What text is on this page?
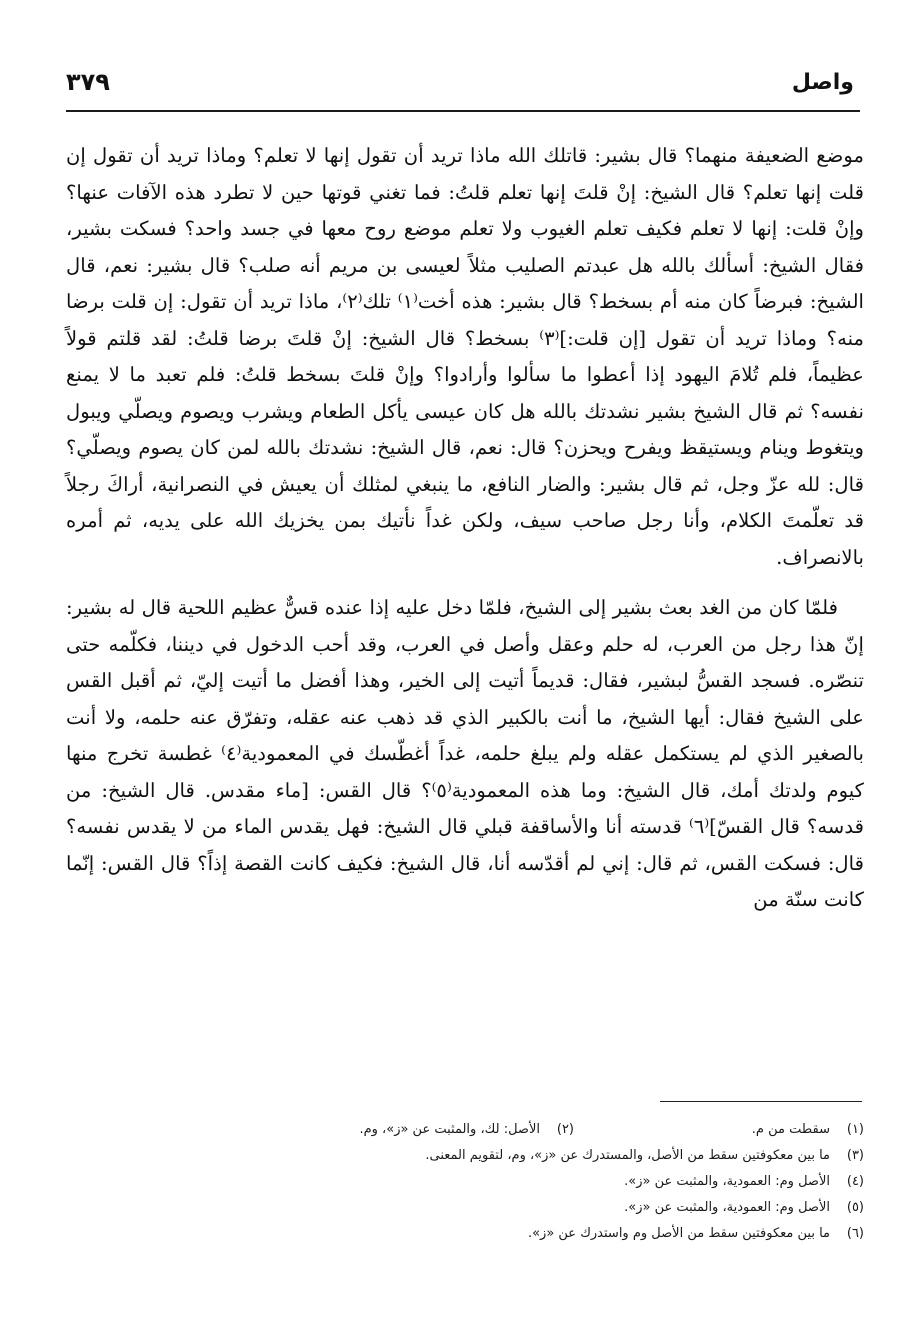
واصل
٣٧٩

موضع الضعيفة منهما؟ قال بشير: قاتلك الله ماذا تريد أن تقول إنها لا تعلم؟ وماذا تريد أن تقول إن قلت إنها تعلم؟ قال الشيخ: إنْ قلتَ إنها تعلم قلتُ: فما تغني قوتها حين لا تطرد هذه الآفات عنها؟ وإنْ قلت: إنها لا تعلم فكيف تعلم الغيوب ولا تعلم موضع روح معها في جسد واحد؟ فسكت بشير، فقال الشيخ: أسألك بالله هل عبدتم الصليب مثلاً لعيسى بن مريم أنه صلب؟ قال بشير: نعم، قال الشيخ: فبرضاً كان منه أم بسخط؟ قال بشير: هذه أخت⁽١⁾ تلك⁽٢⁾، ماذا تريد أن تقول: إن قلت برضا منه؟ وماذا تريد أن تقول [إن قلت:]⁽٣⁾ بسخط؟ قال الشيخ: إنْ قلتَ برضا قلتُ: لقد قلتم قولاً عظيماً، فلم تُلامَ اليهود إذا أعطوا ما سألوا وأرادوا؟ وإنْ قلتَ بسخط قلتُ: فلم تعبد ما لا يمنع نفسه؟ ثم قال الشيخ بشير نشدتك بالله هل كان عيسى يأكل الطعام ويشرب ويصوم ويصلّي ويبول ويتغوط وينام ويستيقظ ويفرح ويحزن؟ قال: نعم، قال الشيخ: نشدتك بالله لمن كان يصوم ويصلّي؟ قال: لله عزّ وجل، ثم قال بشير: والضار النافع، ما ينبغي لمثلك أن يعيش في النصرانية، أراكَ رجلاً قد تعلّمتَ الكلام، وأنا رجل صاحب سيف، ولكن غداً نأتيك بمن يخزيك الله على يديه، ثم أمره بالانصراف.

فلمّا كان من الغد بعث بشير إلى الشيخ، فلمّا دخل عليه إذا عنده قسٌّ عظيم اللحية قال له بشير: إنّ هذا رجل من العرب، له حلم وعقل وأصل في العرب، وقد أحب الدخول في ديننا، فكلّمه حتى تنصّره. فسجد القسُّ لبشير، فقال: قديماً أتيت إلى الخير، وهذا أفضل ما أتيت إليّ، ثم أقبل القس على الشيخ فقال: أيها الشيخ، ما أنت بالكبير الذي قد ذهب عنه عقله، وتفرّق عنه حلمه، ولا أنت بالصغير الذي لم يستكمل عقله ولم يبلغ حلمه، غداً أغطّسك في المعمودية⁽٤⁾ غطسة تخرج منها كيوم ولدتك أمك، قال الشيخ: وما هذه المعمودية⁽٥⁾؟ قال القس: [ماء مقدس. قال الشيخ: من قدسه؟ قال القسّ]⁽٦⁾ قدسته أنا والأساقفة قبلي قال الشيخ: فهل يقدس الماء من لا يقدس نفسه؟ قال: فسكت القس، ثم قال: إني لم أقدّسه أنا، قال الشيخ: فكيف كانت القصة إذاً؟ قال القس: إنّما كانت سنّة من

(١)
سقطت من م.
(٢)
الأصل: لك، والمثبت عن «ز»، وم.
(٣)
ما بين معكوفتين سقط من الأصل، والمستدرك عن «ز»، وم، لتقويم المعنى.
(٤)
الأصل وم: العمودية، والمثبت عن «ز».
(٥)
الأصل وم: العمودية، والمثبت عن «ز».
(٦)
ما بين معكوفتين سقط من الأصل وم واستدرك عن «ز».
